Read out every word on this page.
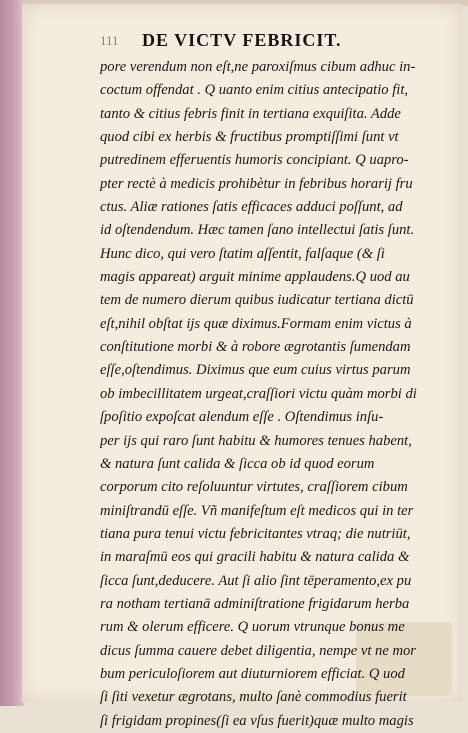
111 DE VICTV FEBRICIT.
pore verendum non eſt,ne paroxiſmus cibum adhuc in-
coctum offendat . Q uanto enim citius antecipatio fit,
tanto & citius febris finit in tertiana exquiſita. Adde
quod cibi ex herbis & fructibus promptiſſimi ſunt vt
putredinem efferuentis humoris concipiant. Q uapro-
pter rectè à medicis prohibètur in febribus horarij fru
ctus. Aliæ rationes ſatis efficaces adduci poſſunt, ad
id oſtendendum. Hæc tamen ſano intellectui ſatis ſunt.
Hunc dico, qui vero ſtatim aſſentit, falſaque (& ſi
magis appareat) arguit minime applaudens.Q uod au
tem de numero dierum quibus iudicatur tertiana dictū
eſt,nihil obſtat ijs quæ diximus.Formam enim victus à
conſtitutione morbi & à robore ægrotantis ſumendam
eſſe,oſtendimus. Diximus que eum cuius virtus parum
ob imbecillitatem urgeat,craſſiori victu quàm morbi di
ſpoſitio expoſcat alendum eſſe . Oſtendimus inſu-
per ijs qui raro ſunt habitu & humores tenues habent,
& natura ſunt calida & ſicca ob id quod eorum
corporum cito reſoluuntur virtutes, craſſiorem cibum
miniſtrandū eſſe. Vñ manifeſtum eſt medicos qui in ter
tiana pura tenui victu febricitantes vtraq; die nutriūt,
in maraſmū eos qui gracili habitu & natura calida &
ſicca ſunt,deducere. Aut ſi alio ſint tēperamento,ex pu
ra notham tertianā adminiſtratione frigidarum herba
rum & olerum efficere. Q uorum vtrunque bonus me
dicus ſumma cauere debet diligentia, nempe vt ne mor
bum periculoſiorem aut diuturniorem efficiat. Q uod
ſi ſiti vexetur ægrotans, multo ſanè commodius fuerit
ſi frigidam propines(ſi ea vſus fuerit)quæ multo magis
